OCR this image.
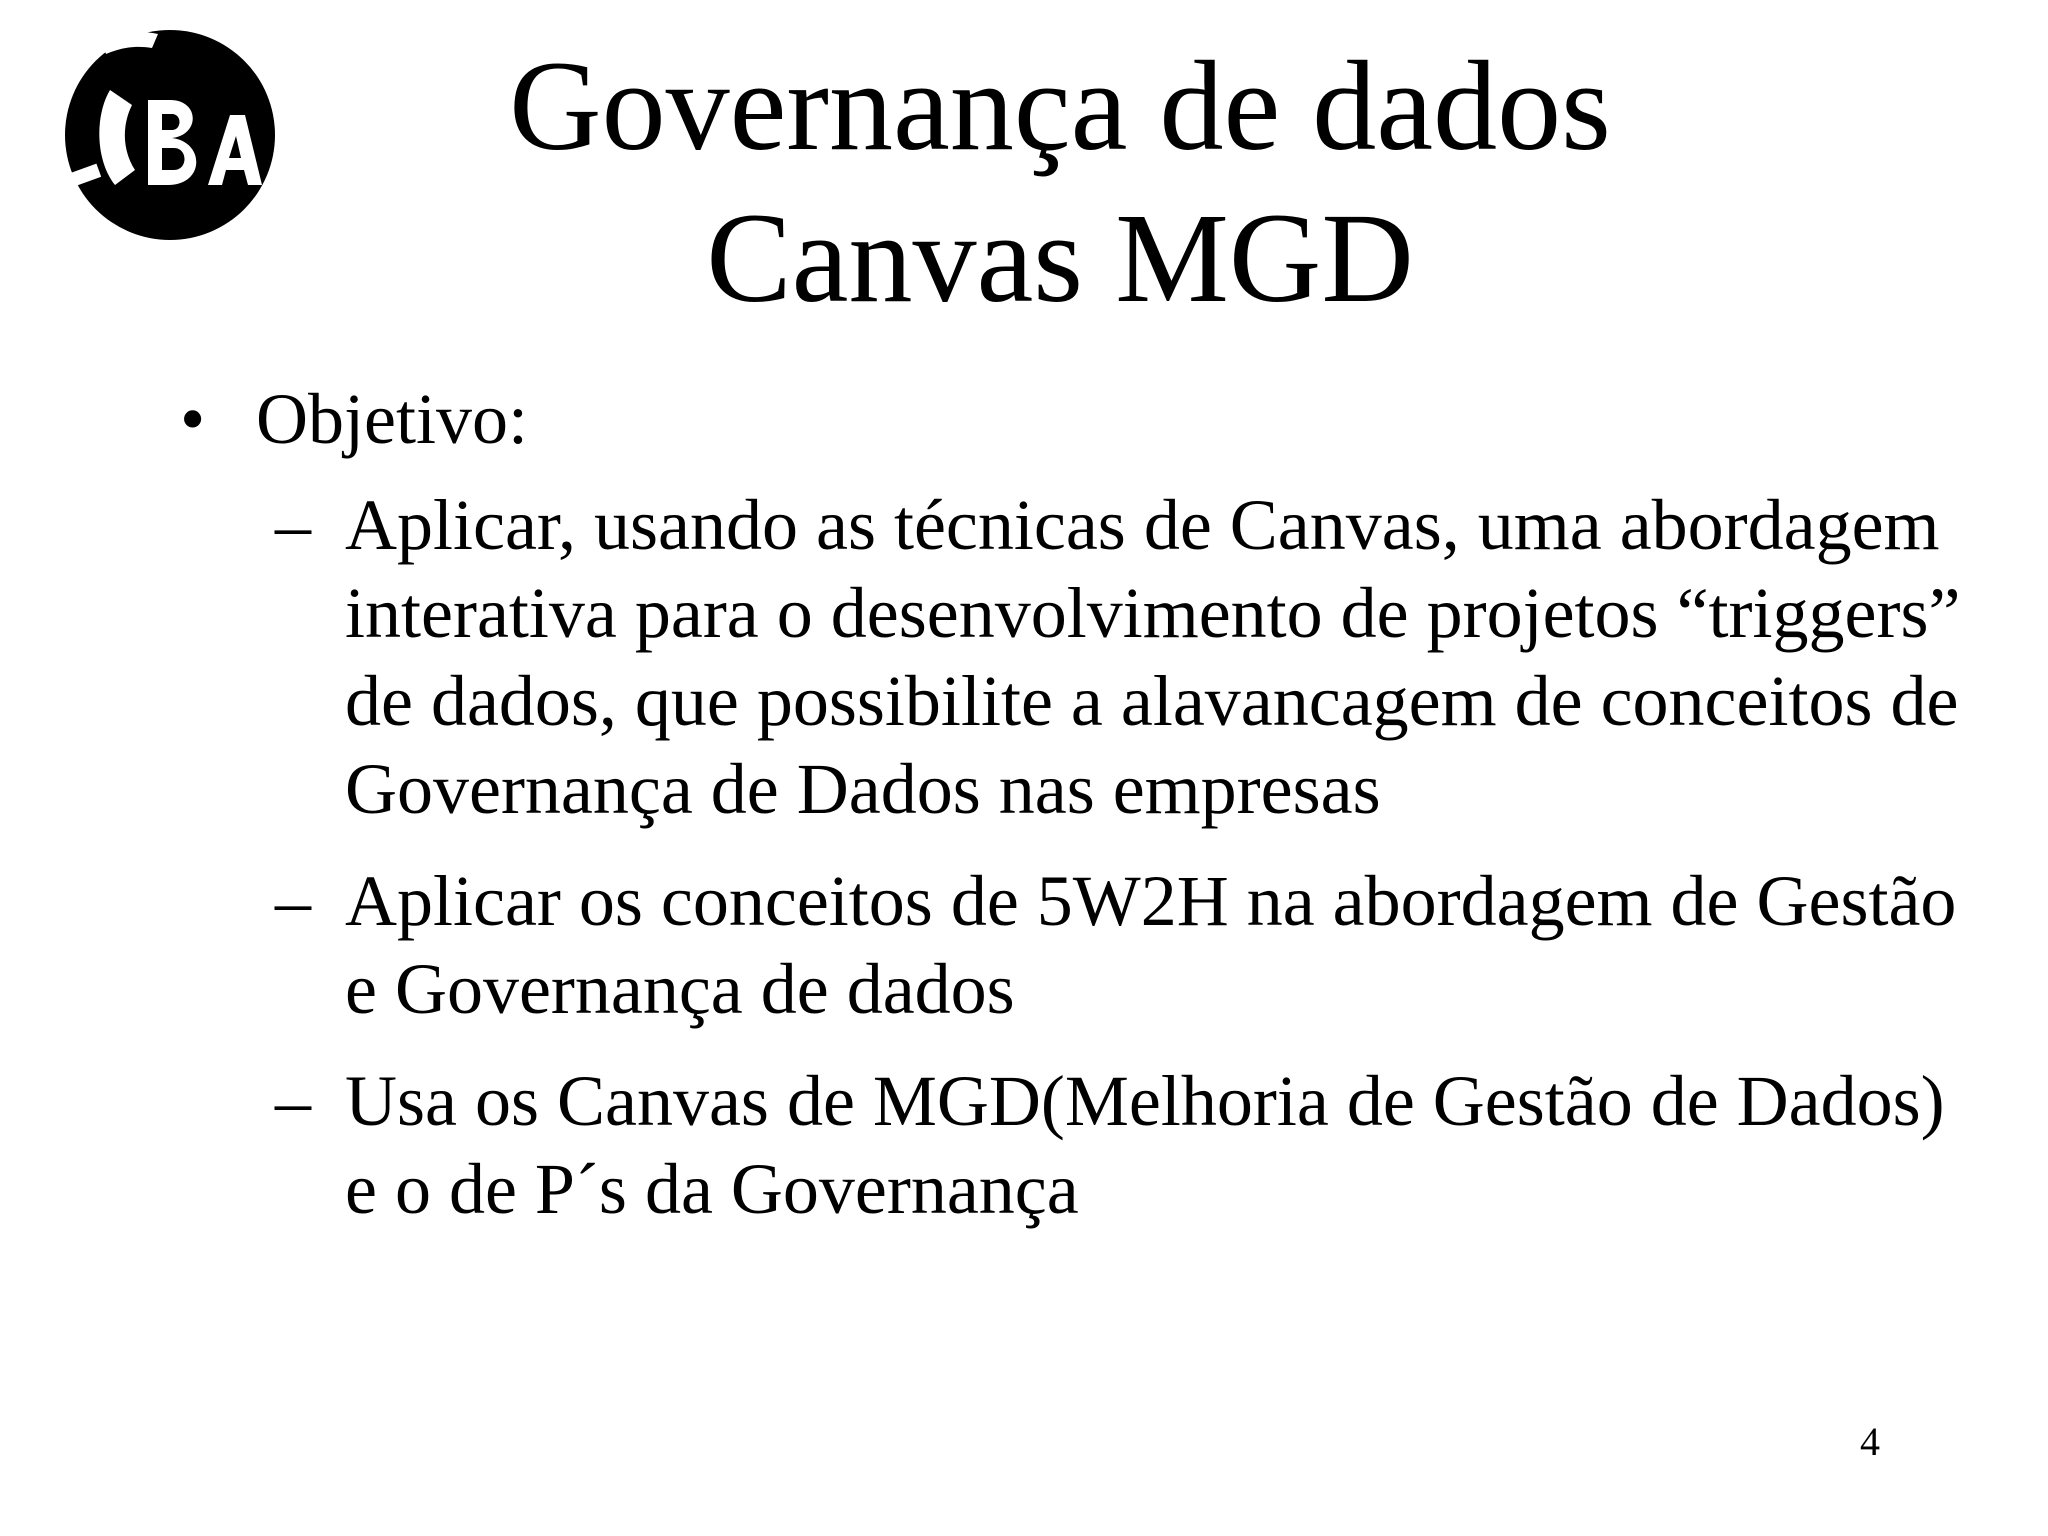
Governança de dados
Canvas MGD
• Objetivo:
– Aplicar, usando as técnicas de Canvas, uma abordagem interativa para o desenvolvimento de projetos “triggers” de dados, que possibilite a alavancagem de conceitos de Governança de Dados nas empresas
– Aplicar os conceitos de 5W2H na abordagem de Gestão e Governança de dados
– Usa os Canvas de MGD(Melhoria de Gestão de Dados) e o de P´s da Governança
4
